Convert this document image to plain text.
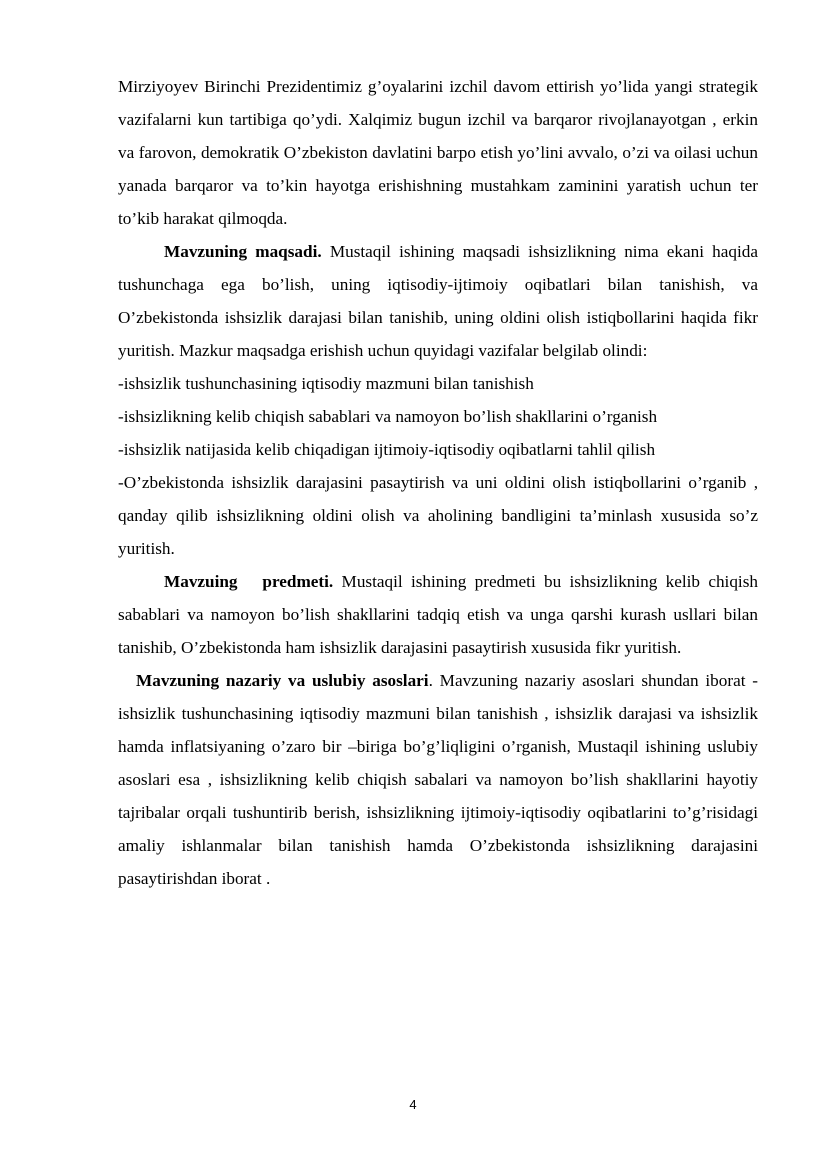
Mirziyoyev Birinchi Prezidentimiz g’oyalarini izchil davom ettirish yo’lida yangi strategik vazifalarni kun tartibiga qo’ydi. Xalqimiz bugun izchil va barqaror rivojlanayotgan , erkin va farovon, demokratik O’zbekiston davlatini barpo etish yo’lini avvalo, o’zi va oilasi uchun yanada barqaror va to’kin hayotga erishishning mustahkam zaminini yaratish uchun ter to’kib harakat qilmoqda.

Mavzuning maqsadi. Mustaqil ishining maqsadi ishsizlikning nima ekani haqida tushunchaga ega bo’lish, uning iqtisodiy-ijtimoiy oqibatlari bilan tanishish, va O’zbekistonda ishsizlik darajasi bilan tanishib, uning oldini olish istiqbollarini haqida fikr yuritish. Mazkur maqsadga erishish uchun quyidagi vazifalar belgilab olindi:

-ishsizlik tushunchasining iqtisodiy mazmuni bilan tanishish

-ishsizlikning kelib chiqish sabablari va namoyon bo’lish shakllarini o’rganish

-ishsizlik natijasida kelib chiqadigan ijtimoiy-iqtisodiy oqibatlarni tahlil qilish

-O’zbekistonda ishsizlik darajasini pasaytirish va uni oldini olish istiqbollarini o’rganib , qanday qilib ishsizlikning oldini olish va aholining bandligini ta’minlash xususida so’z yuritish.

Mavzuing   predmeti. Mustaqil ishining predmeti bu ishsizlikning kelib chiqish sabablari va namoyon bo’lish shakllarini tadqiq etish va unga qarshi kurash usllari bilan tanishib, O’zbekistonda ham ishsizlik darajasini pasaytirish xususida fikr yuritish.

Mavzuning nazariy va uslubiy asoslari. Mavzuning nazariy asoslari shundan iborat - ishsizlik tushunchasining iqtisodiy mazmuni bilan tanishish , ishsizlik darajasi va ishsizlik hamda inflatsiyaning o’zaro bir –biriga bo’g’liqligini o’rganish, Mustaqil ishining uslubiy asoslari esa , ishsizlikning kelib chiqish sabalari va namoyon bo’lish shakllarini hayotiy tajribalar orqali tushuntirib berish, ishsizlikning ijtimoiy-iqtisodiy oqibatlarini to’g’risidagi amaliy ishlanmalar bilan tanishish hamda O’zbekistonda ishsizlikning darajasini pasaytirishdan iborat .

4
